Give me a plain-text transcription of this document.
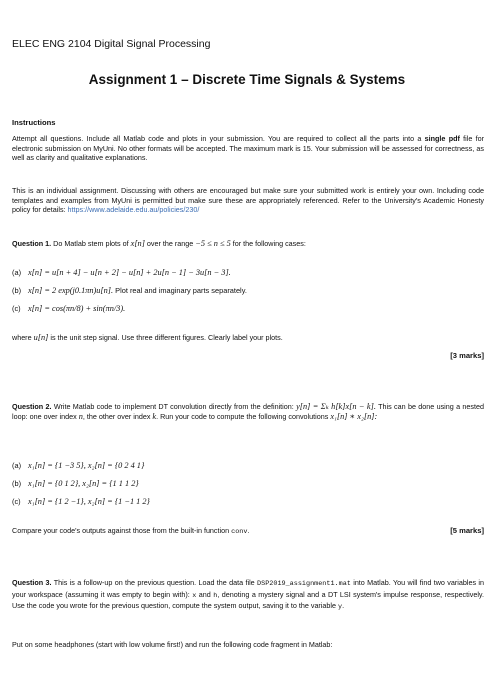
ELEC ENG 2104 Digital Signal Processing
Assignment 1 – Discrete Time Signals & Systems
Instructions
Attempt all questions. Include all Matlab code and plots in your submission. You are required to collect all the parts into a single pdf file for electronic submission on MyUni. No other formats will be accepted. The maximum mark is 15. Your submission will be assessed for correctness, as well as clarity and qualitative explanations.
This is an individual assignment. Discussing with others are encouraged but make sure your submitted work is entirely your own. Including code templates and examples from MyUni is permitted but make sure these are appropriately referenced. Refer to the University's Academic Honesty policy for details: https://www.adelaide.edu.au/policies/230/
Question 1. Do Matlab stem plots of x[n] over the range −5 ≤ n ≤ 5 for the following cases:
(a) x[n] = u[n + 4] − u[n + 2] − u[n] + 2u[n − 1] − 3u[n − 3].
(b) x[n] = 2 exp(j0.1πn)u[n]. Plot real and imaginary parts separately.
(c) x[n] = cos(πn/8) + sin(πn/3).
where u[n] is the unit step signal. Use three different figures. Clearly label your plots.
[3 marks]
Question 2. Write Matlab code to implement DT convolution directly from the definition: y[n] = Σₖ h[k]x[n − k]. This can be done using a nested loop: one over index n, the other over index k. Run your code to compute the following convolutions x₁[n] ∗ x₂[n]:
(a) x₁[n] = {1 −3 5}, x₂[n] = {0 2 4 1}
(b) x₁[n] = {0 1 2}, x₂[n] = {1 1 1 2}
(c) x₁[n] = {1 2 −1}, x₂[n] = {1 −1 1 2}
Compare your code's outputs against those from the built-in function conv.	[5 marks]
Question 3. This is a follow-up on the previous question. Load the data file DSP2019_assignment1.mat into Matlab. You will find two variables in your workspace (assuming it was empty to begin with): x and h, denoting a mystery signal and a DT LSI system's impulse response, respectively. Use the code you wrote for the previous question, compute the system output, saving it to the variable y.
Put on some headphones (start with low volume first!) and run the following code fragment in Matlab:
